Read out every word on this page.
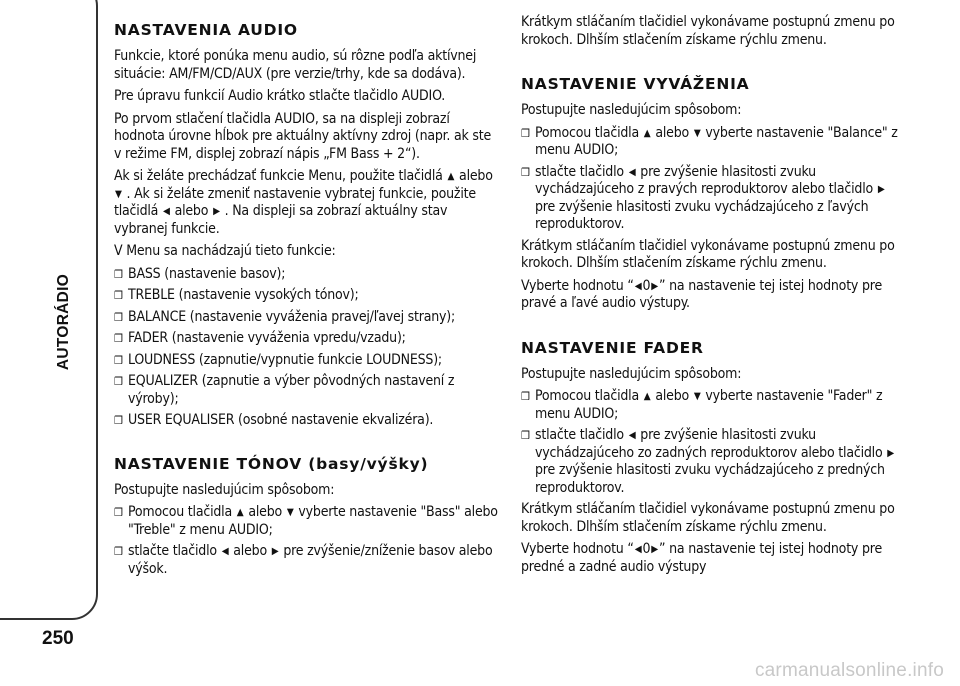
AUTORÁDIO
250
NASTAVENIA AUDIO

Funkcie, ktoré ponúka menu audio, sú rôzne podľa aktívnej situácie: AM/FM/CD/AUX (pre verzie/trhy, kde sa dodáva).

Pre úpravu funkcií Audio krátko stlačte tlačidlo AUDIO.

Po prvom stlačení tlačidla AUDIO, sa na displeji zobrazí hodnota úrovne hĺbok pre aktuálny aktívny zdroj (napr. ak ste v režime FM, displej zobrazí nápis „FM Bass + 2“).

Ak si želáte prechádzať funkcie Menu, použite tlačidlá ▲ alebo ▼ . Ak si želáte zmeniť nastavenie vybratej funkcie, použite tlačidlá ◀ alebo ▶ . Na displeji sa zobrazí aktuálny stav vybranej funkcie.

V Menu sa nachádzajú tieto funkcie:

❒ BASS (nastavenie basov);
❒ TREBLE (nastavenie vysokých tónov);
❒ BALANCE (nastavenie vyváženia pravej/ľavej strany);
❒ FADER (nastavenie vyváženia vpredu/vzadu);
❒ LOUDNESS (zapnutie/vypnutie funkcie LOUDNESS);
❒ EQUALIZER (zapnutie a výber pôvodných nastavení z výroby);
❒ USER EQUALISER (osobné nastavenie ekvalizéra).
NASTAVENIE TÓNOV (basy/výšky)

Postupujte nasledujúcim spôsobom:

❒ Pomocou tlačidla ▲ alebo ▼ vyberte nastavenie "Bass" alebo "Treble" z menu AUDIO;
❒ stlačte tlačidlo ◀ alebo ▶ pre zvýšenie/zníženie basov alebo výšok.

Krátkym stláčaním tlačidiel vykonávame postupnú zmenu po krokoch. Dlhším stlačením získame rýchlu zmenu.

NASTAVENIE VYVÁŽENIA

Postupujte nasledujúcim spôsobom:

❒ Pomocou tlačidla ▲ alebo ▼ vyberte nastavenie "Balance" z menu AUDIO;
❒ stlačte tlačidlo ◀ pre zvýšenie hlasitosti zvuku vychádzajúceho z pravých reproduktorov alebo tlačidlo ▶ pre zvýšenie hlasitosti zvuku vychádzajúceho z ľavých reproduktorov.

Krátkym stláčaním tlačidiel vykonávame postupnú zmenu po krokoch. Dlhším stlačením získame rýchlu zmenu.

Vyberte hodnotu “◀0▶” na nastavenie tej istej hodnoty pre pravé a ľavé audio výstupy.

NASTAVENIE FADER

Postupujte nasledujúcim spôsobom:

❒ Pomocou tlačidla ▲ alebo ▼ vyberte nastavenie "Fader" z menu AUDIO;
❒ stlačte tlačidlo ◀ pre zvýšenie hlasitosti zvuku vychádzajúceho zo zadných reproduktorov alebo tlačidlo ▶ pre zvýšenie hlasitosti zvuku vychádzajúceho z predných reproduktorov.

Krátkym stláčaním tlačidiel vykonávame postupnú zmenu po krokoch. Dlhším stlačením získame rýchlu zmenu.

Vyberte hodnotu “◀0▶” na nastavenie tej istej hodnoty pre predné a zadné audio výstupy

carmanualsonline.info
